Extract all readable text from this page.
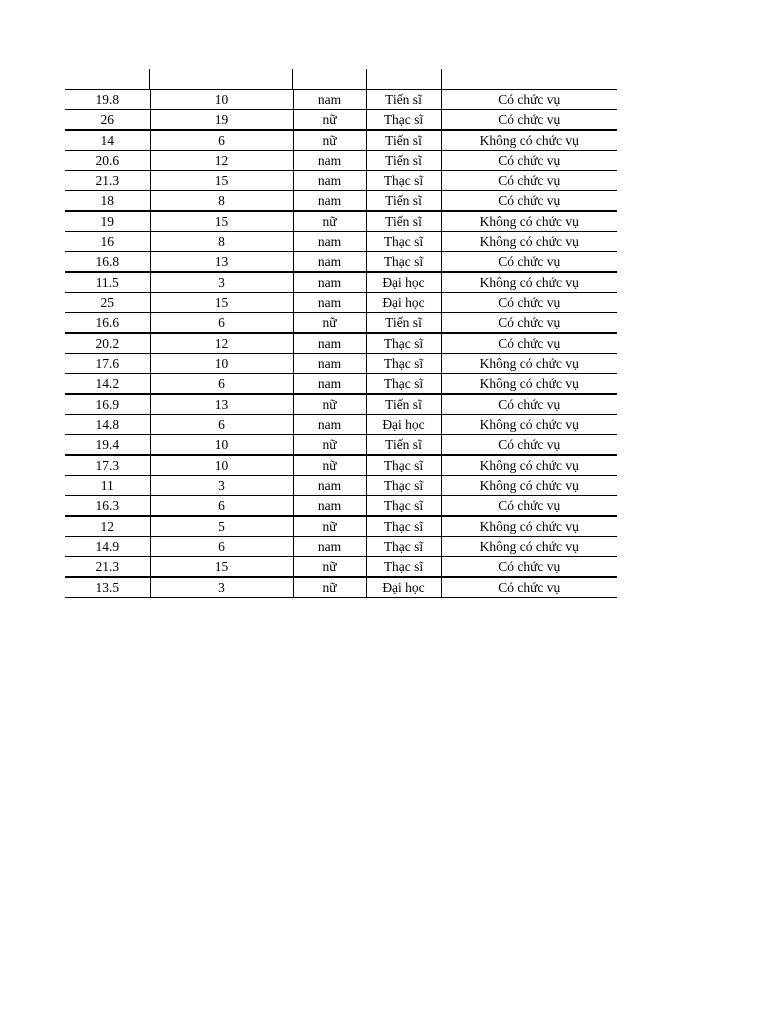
19.8	10	nam	Tiến sĩ	Có chức vụ
26	19	nữ	Thạc sĩ	Có chức vụ
14	6	nữ	Tiến sĩ	Không có chức vụ
20.6	12	nam	Tiến sĩ	Có chức vụ
21.3	15	nam	Thạc sĩ	Có chức vụ
18	8	nam	Tiến sĩ	Có chức vụ
19	15	nữ	Tiến sĩ	Không có chức vụ
16	8	nam	Thạc sĩ	Không có chức vụ
16.8	13	nam	Thạc sĩ	Có chức vụ
11.5	3	nam	Đại học	Không có chức vụ
25	15	nam	Đại học	Có chức vụ
16.6	6	nữ	Tiến sĩ	Có chức vụ
20.2	12	nam	Thạc sĩ	Có chức vụ
17.6	10	nam	Thạc sĩ	Không có chức vụ
14.2	6	nam	Thạc sĩ	Không có chức vụ
16.9	13	nữ	Tiến sĩ	Có chức vụ
14.8	6	nam	Đại học	Không có chức vụ
19.4	10	nữ	Tiến sĩ	Có chức vụ
17.3	10	nữ	Thạc sĩ	Không có chức vụ
11	3	nam	Thạc sĩ	Không có chức vụ
16.3	6	nam	Thạc sĩ	Có chức vụ
12	5	nữ	Thạc sĩ	Không có chức vụ
14.9	6	nam	Thạc sĩ	Không có chức vụ
21.3	15	nữ	Thạc sĩ	Có chức vụ
13.5	3	nữ	Đại học	Có chức vụ
